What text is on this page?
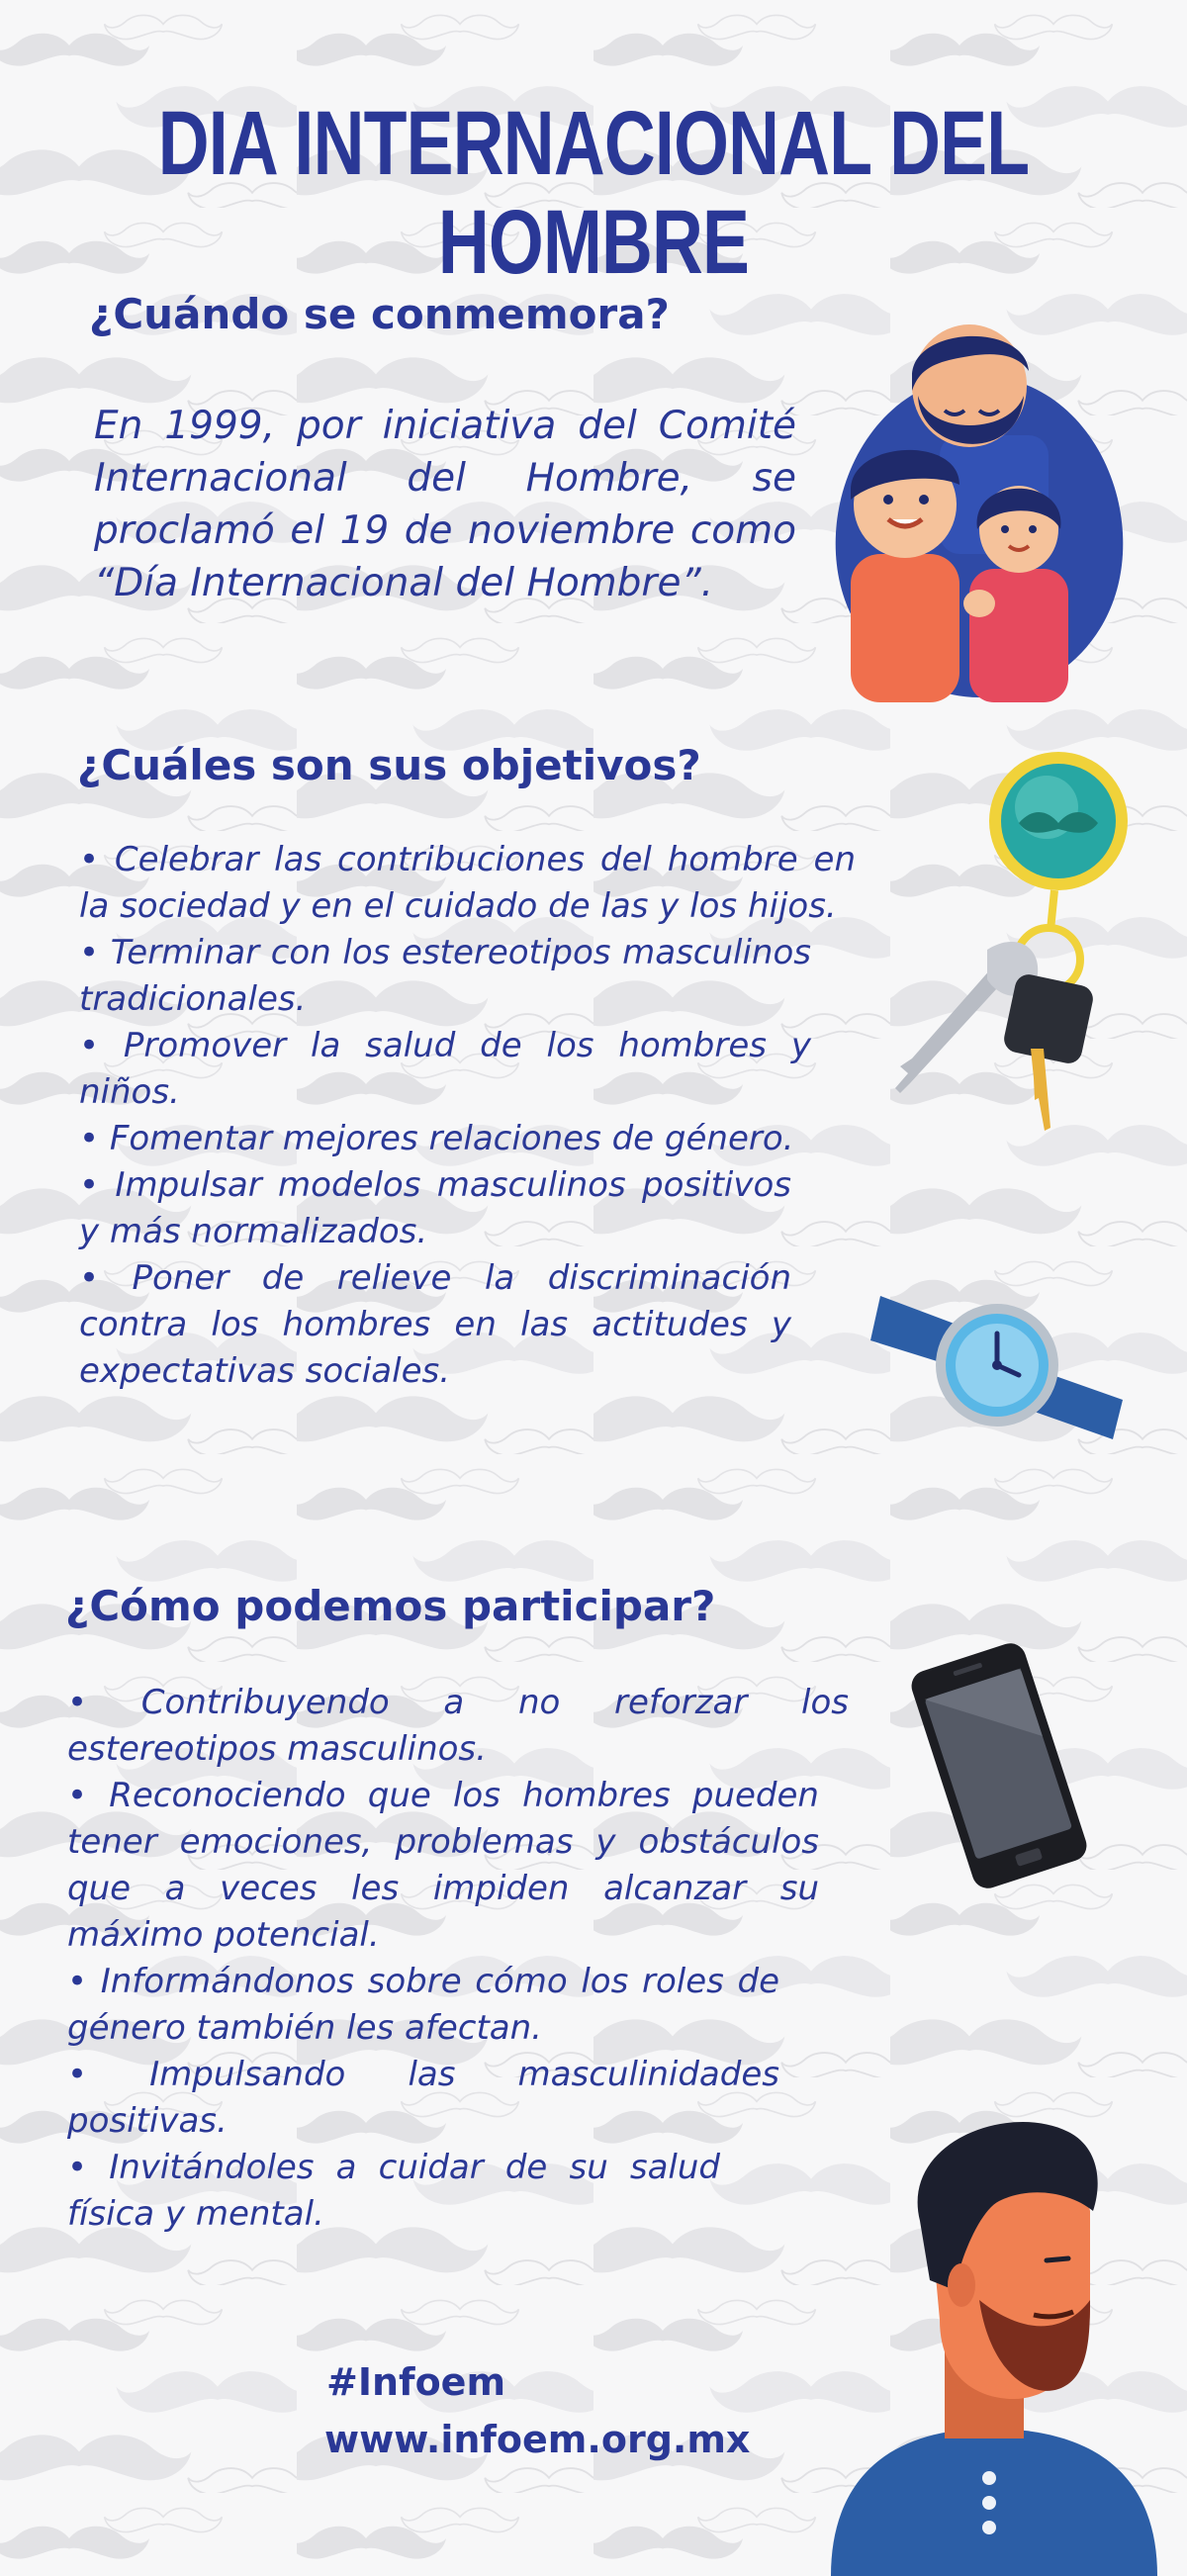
DIA INTERNACIONAL DEL HOMBRE
¿Cuándo se conmemora?
En 1999, por iniciativa del Comité Internacional del Hombre, se proclamó el 19 de noviembre como “Día Internacional del Hombre”.
¿Cuáles son sus objetivos?
• Celebrar las contribuciones del hombre en la sociedad y en el cuidado de las y los hijos.
• Terminar con los estereotipos masculinos tradicionales.
• Promover la salud de los hombres y niños.
• Fomentar mejores relaciones de género.
• Impulsar modelos masculinos positivos y más normalizados.
• Poner de relieve la discriminación contra los hombres en las actitudes y expectativas sociales.
¿Cómo podemos participar?
• Contribuyendo a no reforzar los estereotipos masculinos.
• Reconociendo que los hombres pueden tener emociones, problemas y obstáculos que a veces les impiden alcanzar su máximo potencial.
• Informándonos sobre cómo los roles de género también les afectan.
• Impulsando las masculinidades positivas.
• Invitándoles a cuidar de su salud física y mental.
#Infoem
www.infoem.org.mx
